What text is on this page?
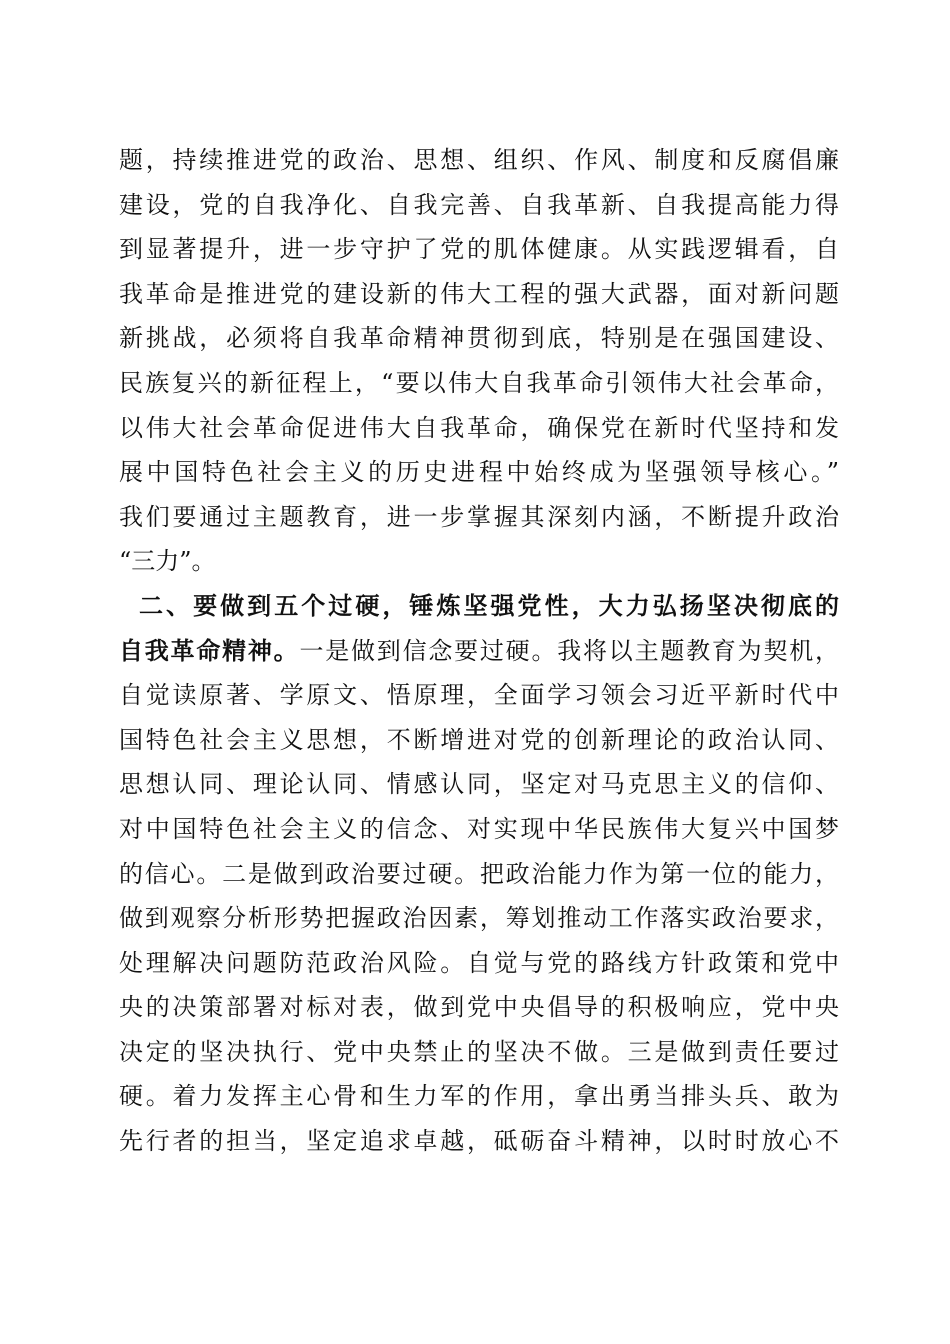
题，持续推进党的政治、思想、组织、作风、制度和反腐倡廉
建设，党的自我净化、自我完善、自我革新、自我提高能力得
到显著提升，进一步守护了党的肌体健康。从实践逻辑看，自
我革命是推进党的建设新的伟大工程的强大武器，面对新问题
新挑战，必须将自我革命精神贯彻到底，特别是在强国建设、
民族复兴的新征程上，“要以伟大自我革命引领伟大社会革命，
以伟大社会革命促进伟大自我革命，确保党在新时代坚持和发
展中国特色社会主义的历史进程中始终成为坚强领导核心。”
我们要通过主题教育，进一步掌握其深刻内涵，不断提升政治
“三力”。
二、要做到五个过硬，锤炼坚强党性，大力弘扬坚决彻底的
自我革命精神。一是做到信念要过硬。我将以主题教育为契机，
自觉读原著、学原文、悟原理，全面学习领会习近平新时代中
国特色社会主义思想，不断增进对党的创新理论的政治认同、
思想认同、理论认同、情感认同，坚定对马克思主义的信仰、
对中国特色社会主义的信念、对实现中华民族伟大复兴中国梦
的信心。二是做到政治要过硬。把政治能力作为第一位的能力，
做到观察分析形势把握政治因素，筹划推动工作落实政治要求，
处理解决问题防范政治风险。自觉与党的路线方针政策和党中
央的决策部署对标对表，做到党中央倡导的积极响应，党中央
决定的坚决执行、党中央禁止的坚决不做。三是做到责任要过
硬。着力发挥主心骨和生力军的作用，拿出勇当排头兵、敢为
先行者的担当，坚定追求卓越，砥砺奋斗精神，以时时放心不
